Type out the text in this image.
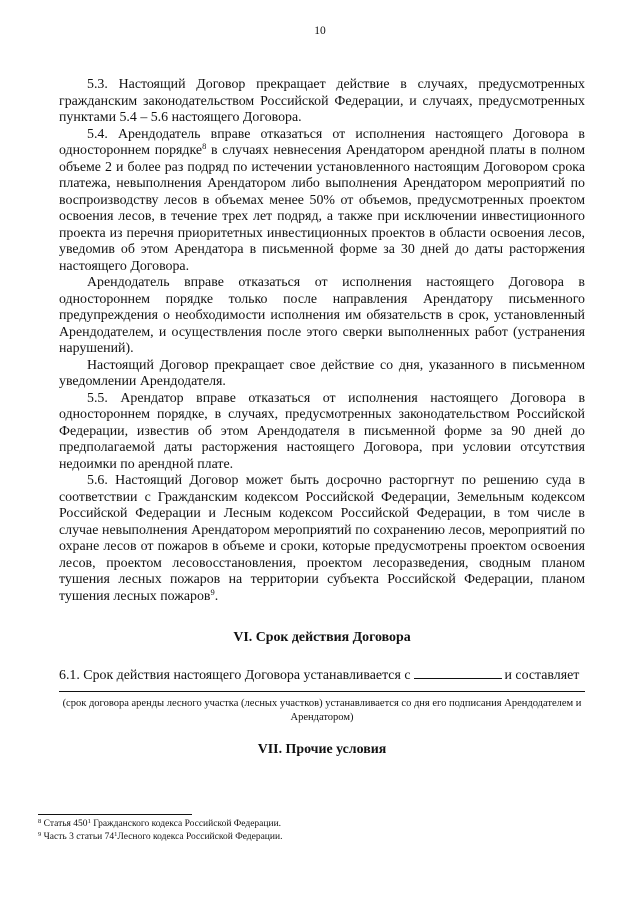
10

5.3. Настоящий Договор прекращает действие в случаях, предусмотренных гражданским законодательством Российской Федерации, и случаях, предусмотренных пунктами 5.4 – 5.6 настоящего Договора.

5.4. Арендодатель вправе отказаться от исполнения настоящего Договора в одностороннем порядке$^8$ в случаях невнесения Арендатором арендной платы в полном объеме 2 и более раз подряд по истечении установленного настоящим Договором срока платежа, невыполнения Арендатором либо выполнения Арендатором мероприятий по воспроизводству лесов в объемах менее 50% от объемов, предусмотренных проектом освоения лесов, в течение трех лет подряд, а также при исключении инвестиционного проекта из перечня приоритетных инвестиционных проектов в области освоения лесов, уведомив об этом Арендатора в письменной форме за 30 дней до даты расторжения настоящего Договора.

Арендодатель вправе отказаться от исполнения настоящего Договора в одностороннем порядке только после направления Арендатору письменного предупреждения о необходимости исполнения им обязательств в срок, установленный Арендодателем, и осуществления после этого сверки выполненных работ (устранения нарушений).

Настоящий Договор прекращает свое действие со дня, указанного в письменном уведомлении Арендодателя.

5.5. Арендатор вправе отказаться от исполнения настоящего Договора в одностороннем порядке, в случаях, предусмотренных законодательством Российской Федерации, известив об этом Арендодателя в письменной форме за 90 дней до предполагаемой даты расторжения настоящего Договора, при условии отсутствия недоимки по арендной плате.

5.6. Настоящий Договор может быть досрочно расторгнут по решению суда в соответствии с Гражданским кодексом Российской Федерации, Земельным кодексом Российской Федерации и Лесным кодексом Российской Федерации, в том числе в случае невыполнения Арендатором мероприятий по сохранению лесов, мероприятий по охране лесов от пожаров в объеме и сроки, которые предусмотрены проектом освоения лесов, проектом лесовосстановления, проектом лесоразведения, сводным планом тушения лесных пожаров на территории субъекта Российской Федерации, планом тушения лесных пожаров$^9$.

VI. Срок действия Договора
6.1. Срок действия настоящего Договора устанавливается с	и составляет
(срок договора аренды лесного участка (лесных участков) устанавливается со дня его подписания Арендодателем и Арендатором)
VII. Прочие условия
$^8$ Статья $450^1$ Гражданского кодекса Российской Федерации.
$^9$ Часть 3 статьи $74^1Лесного$ кодекса Российской Федерации.
